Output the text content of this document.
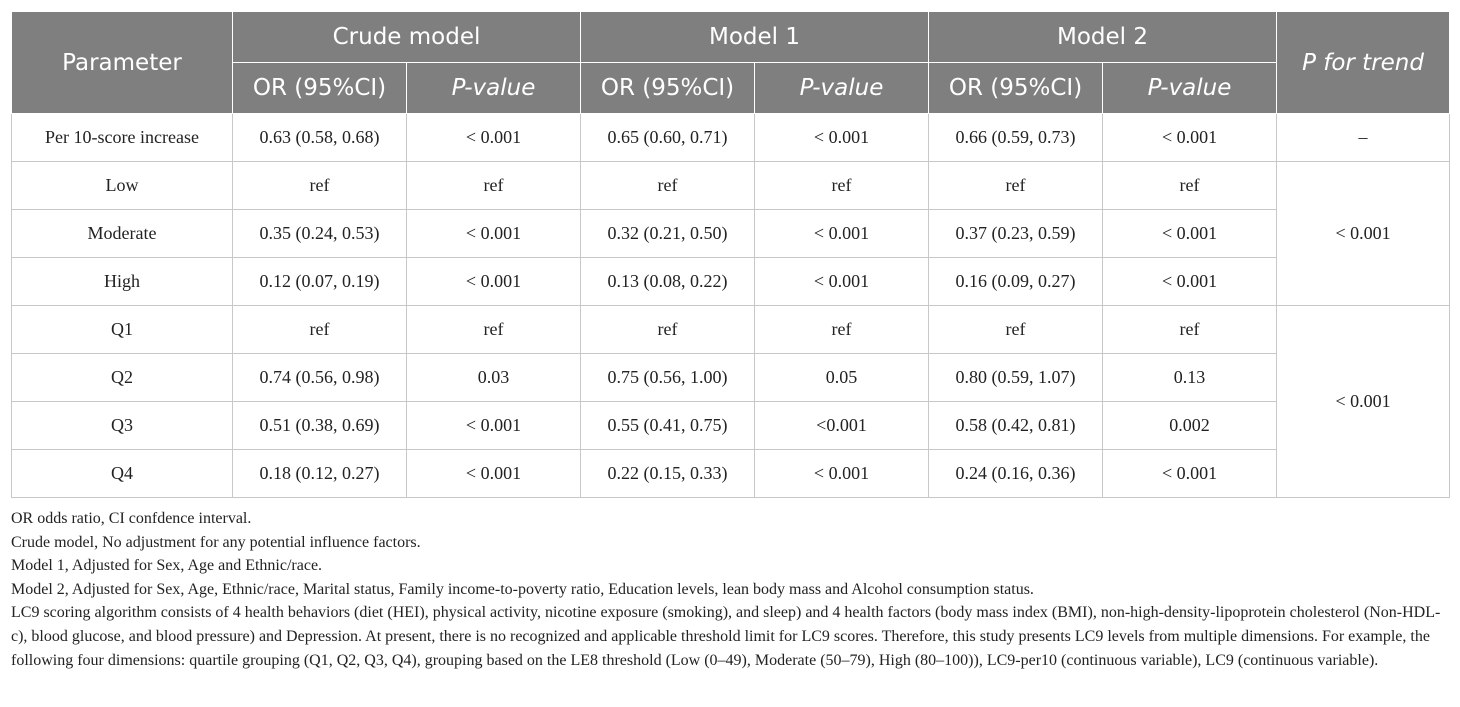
Parameter	Crude model		Model 1		Model 2		P for trend
	OR (95%CI)	P-value	OR (95%CI)	P-value	OR (95%CI)	P-value	
Per 10-score increase	0.63 (0.58, 0.68)	< 0.001	0.65 (0.60, 0.71)	< 0.001	0.66 (0.59, 0.73)	< 0.001	–
Low	ref	ref	ref	ref	ref	ref	< 0.001
Moderate	0.35 (0.24, 0.53)	< 0.001	0.32 (0.21, 0.50)	< 0.001	0.37 (0.23, 0.59)	< 0.001	
High	0.12 (0.07, 0.19)	< 0.001	0.13 (0.08, 0.22)	< 0.001	0.16 (0.09, 0.27)	< 0.001	
Q1	ref	ref	ref	ref	ref	ref	< 0.001
Q2	0.74 (0.56, 0.98)	0.03	0.75 (0.56, 1.00)	0.05	0.80 (0.59, 1.07)	0.13	
Q3	0.51 (0.38, 0.69)	< 0.001	0.55 (0.41, 0.75)	<0.001	0.58 (0.42, 0.81)	0.002	
Q4	0.18 (0.12, 0.27)	< 0.001	0.22 (0.15, 0.33)	< 0.001	0.24 (0.16, 0.36)	< 0.001	

OR odds ratio, CI confdence interval.

Crude model, No adjustment for any potential influence factors.

Model 1, Adjusted for Sex, Age and Ethnic/race.

Model 2, Adjusted for Sex, Age, Ethnic/race, Marital status, Family income-to-poverty ratio, Education levels, lean body mass and Alcohol consumption status.

LC9 scoring algorithm consists of 4 health behaviors (diet (HEI), physical activity, nicotine exposure (smoking), and sleep) and 4 health factors (body mass index (BMI), non-high-density-lipoprotein cholesterol (Non-HDL-c), blood glucose, and blood pressure) and Depression. At present, there is no recognized and applicable threshold limit for LC9 scores. Therefore, this study presents LC9 levels from multiple dimensions. For example, the following four dimensions: quartile grouping (Q1, Q2, Q3, Q4), grouping based on the LE8 threshold (Low (0–49), Moderate (50–79), High (80–100)), LC9-per10 (continuous variable), LC9 (continuous variable).
